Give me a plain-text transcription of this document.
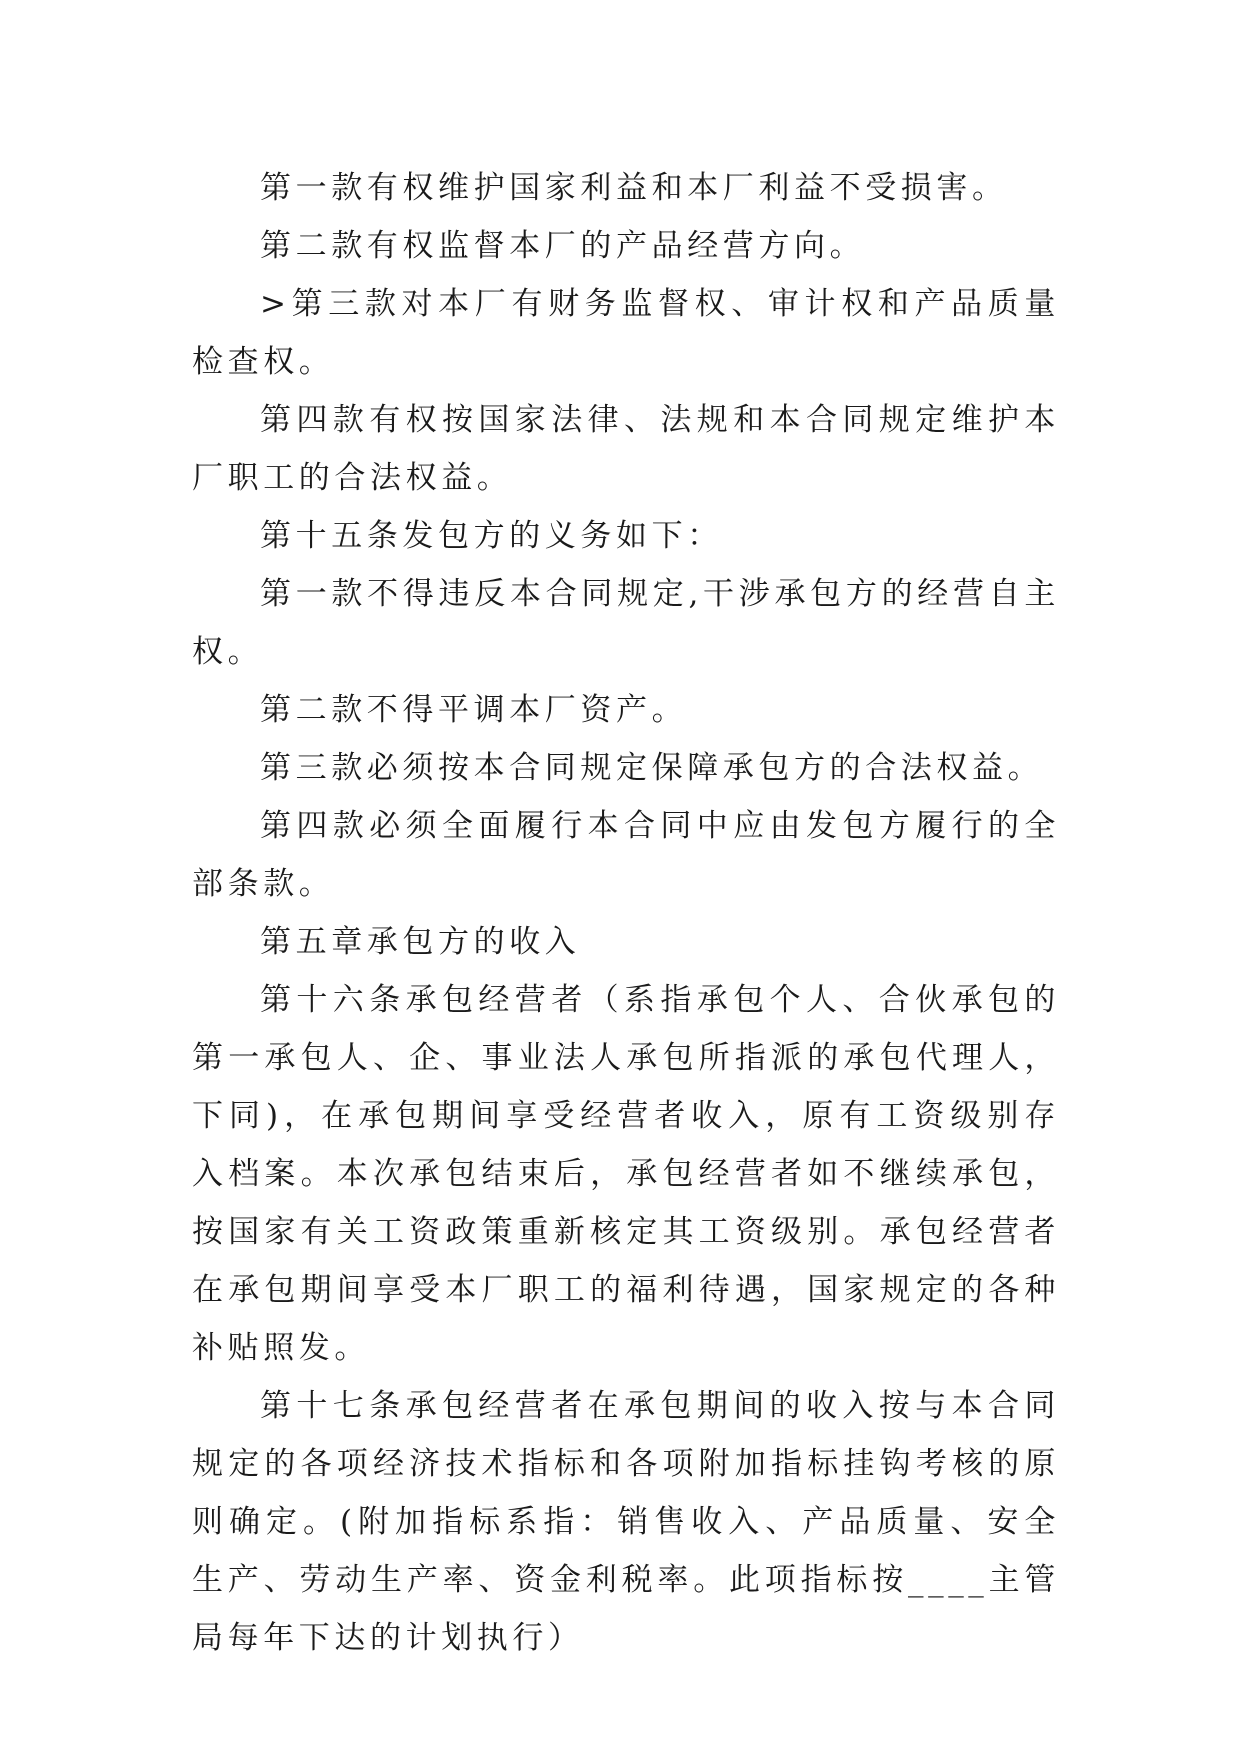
第一款有权维护国家利益和本厂利益不受损害。

第二款有权监督本厂的产品经营方向。

>第三款对本厂有财务监督权、审计权和产品质量检查权。

第四款有权按国家法律、法规和本合同规定维护本厂职工的合法权益。

第十五条发包方的义务如下：

第一款不得违反本合同规定,干涉承包方的经营自主权。

第二款不得平调本厂资产。

第三款必须按本合同规定保障承包方的合法权益。

第四款必须全面履行本合同中应由发包方履行的全部条款。

第五章承包方的收入

第十六条承包经营者（系指承包个人、合伙承包的第一承包人、企、事业法人承包所指派的承包代理人，下同)，在承包期间享受经营者收入，原有工资级别存入档案。本次承包结束后，承包经营者如不继续承包，按国家有关工资政策重新核定其工资级别。承包经营者在承包期间享受本厂职工的福利待遇，国家规定的各种补贴照发。

第十七条承包经营者在承包期间的收入按与本合同规定的各项经济技术指标和各项附加指标挂钩考核的原则确定。(附加指标系指：销售收入、产品质量、安全生产、劳动生产率、资金利税率。此项指标按____主管局每年下达的计划执行）
